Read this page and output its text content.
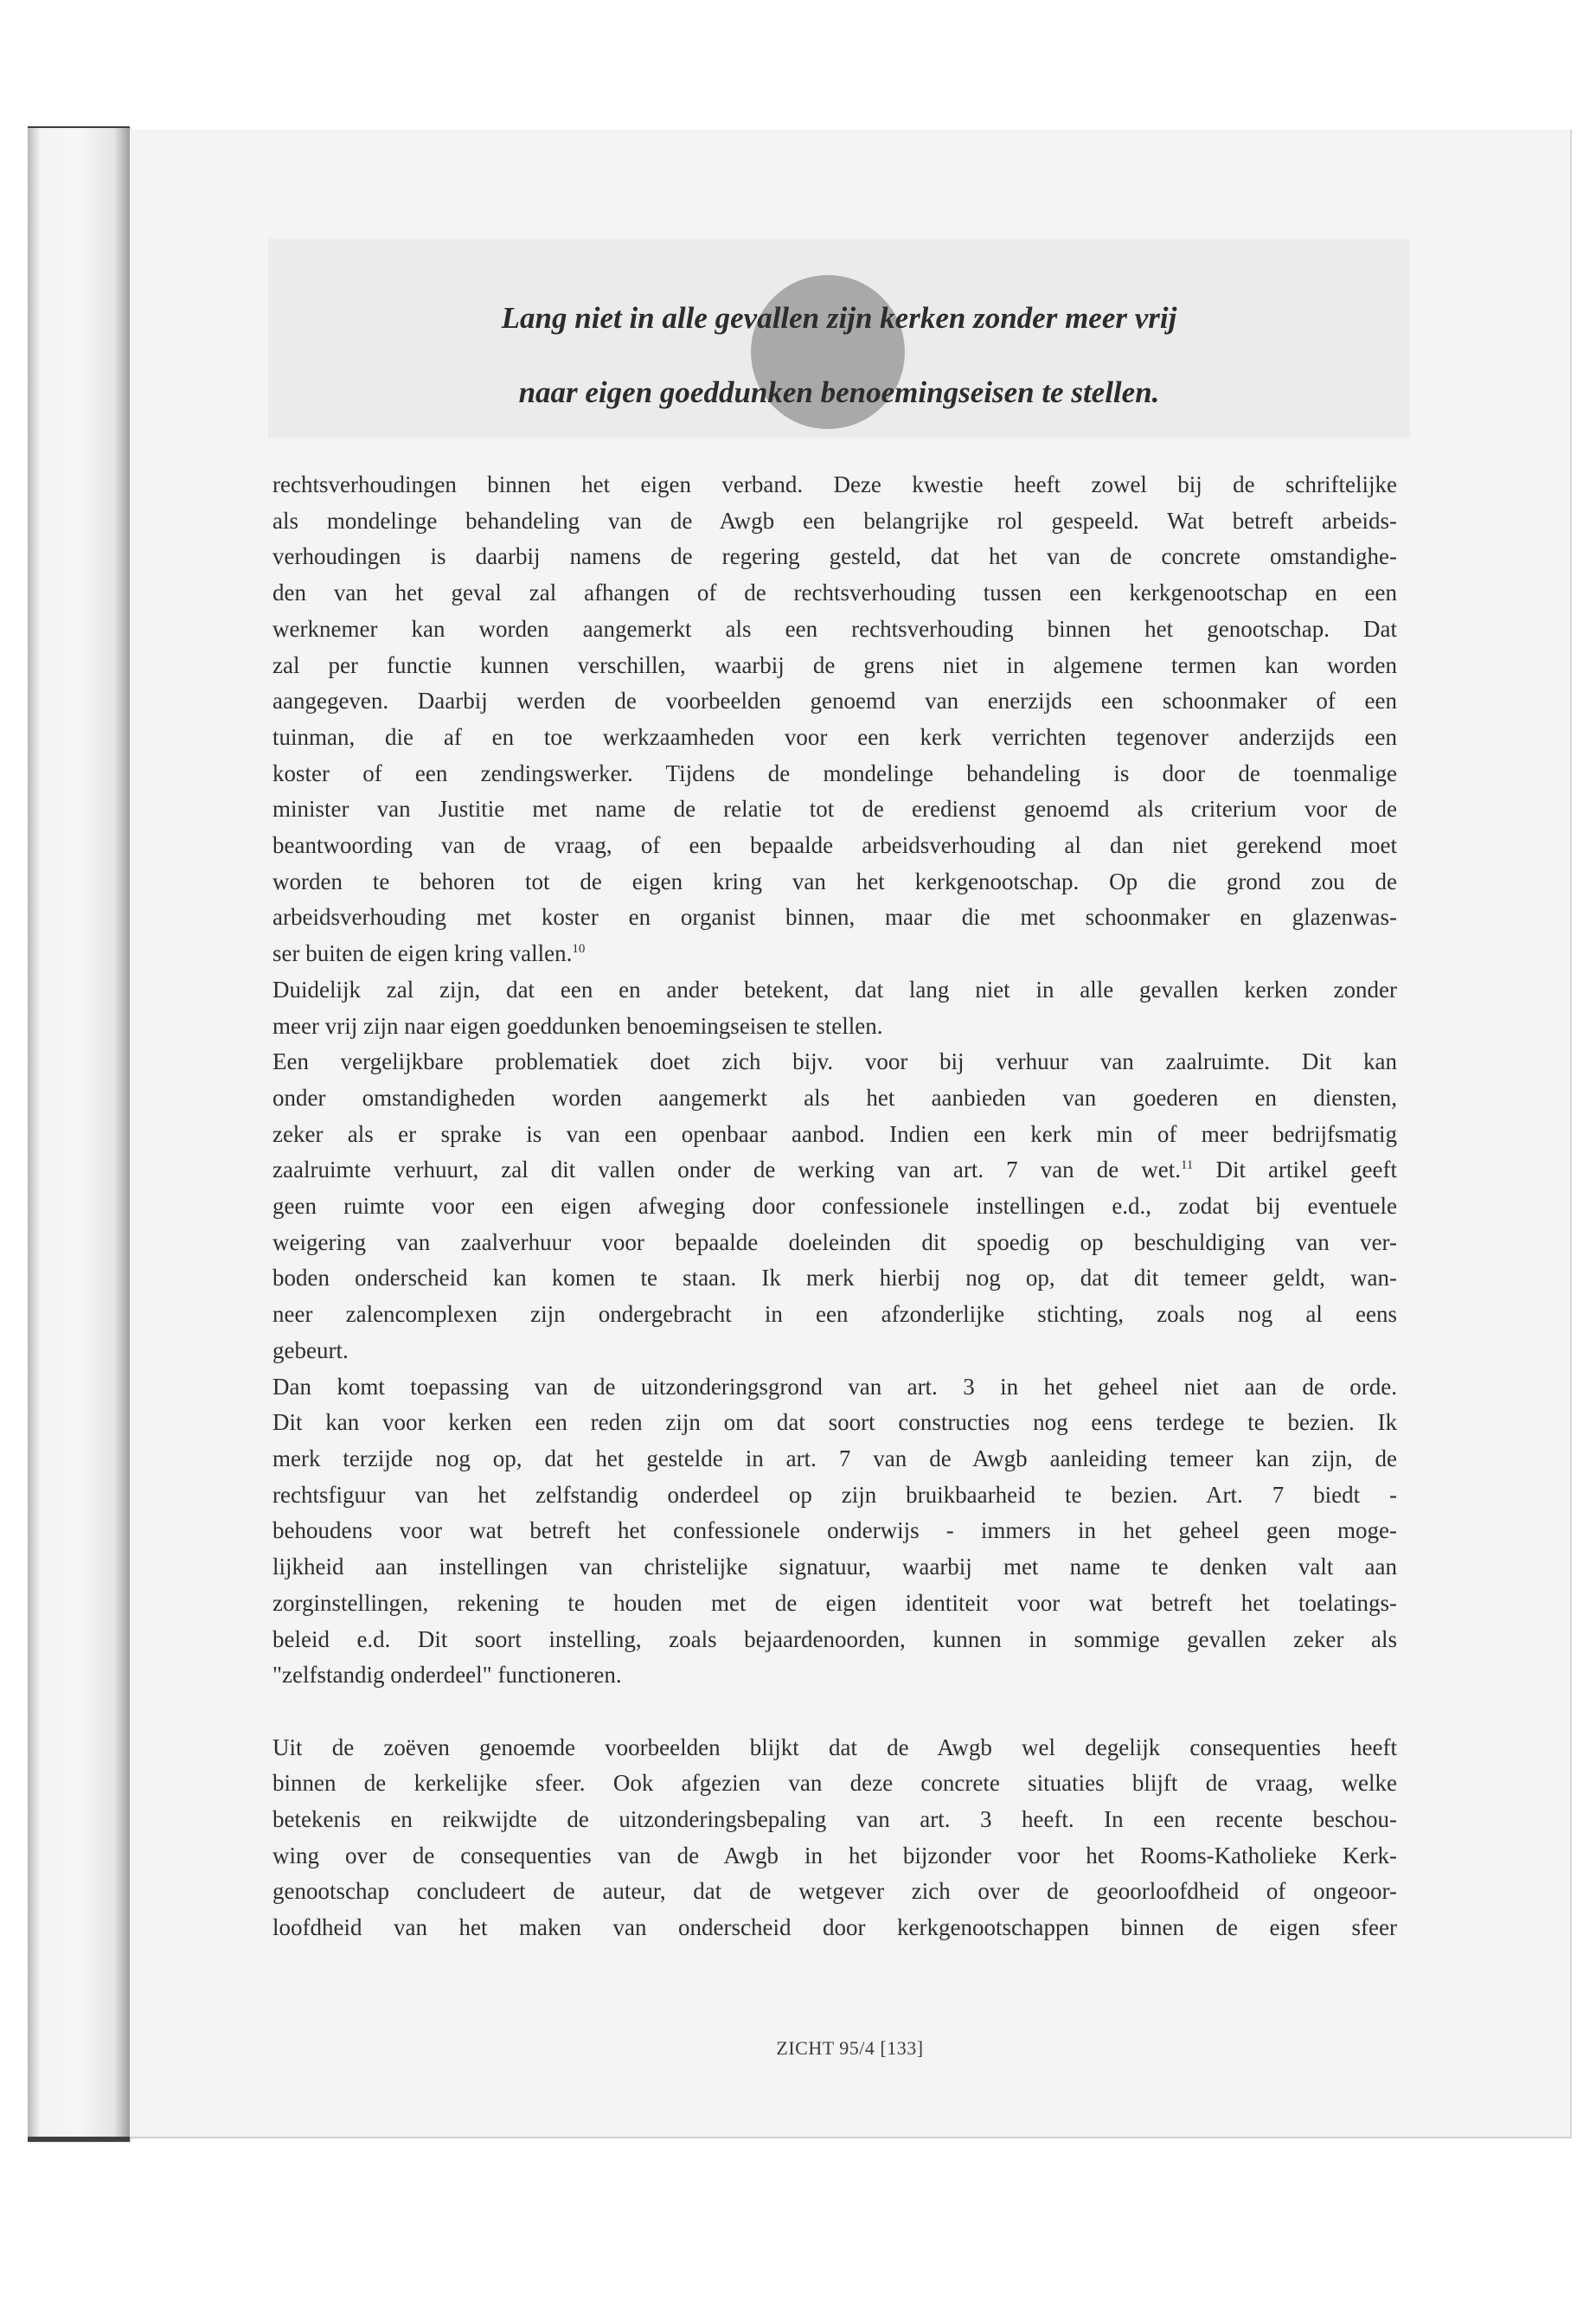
Lang niet in alle gevallen zijn kerken zonder meer vrij
naar eigen goeddunken benoemingseisen te stellen.

rechtsverhoudingen binnen het eigen verband. Deze kwestie heeft zowel bij de schriftelijke
als mondelinge behandeling van de Awgb een belangrijke rol gespeeld. Wat betreft arbeids-
verhoudingen is daarbij namens de regering gesteld, dat het van de concrete omstandighe-
den van het geval zal afhangen of de rechtsverhouding tussen een kerkgenootschap en een
werknemer kan worden aangemerkt als een rechtsverhouding binnen het genootschap. Dat
zal per functie kunnen verschillen, waarbij de grens niet in algemene termen kan worden
aangegeven. Daarbij werden de voorbeelden genoemd van enerzijds een schoonmaker of een
tuinman, die af en toe werkzaamheden voor een kerk verrichten tegenover anderzijds een
koster of een zendingswerker. Tijdens de mondelinge behandeling is door de toenmalige
minister van Justitie met name de relatie tot de eredienst genoemd als criterium voor de
beantwoording van de vraag, of een bepaalde arbeidsverhouding al dan niet gerekend moet
worden te behoren tot de eigen kring van het kerkgenootschap. Op die grond zou de
arbeidsverhouding met koster en organist binnen, maar die met schoonmaker en glazenwas-
ser buiten de eigen kring vallen.$^{10}$
Duidelijk zal zijn, dat een en ander betekent, dat lang niet in alle gevallen kerken zonder
meer vrij zijn naar eigen goeddunken benoemingseisen te stellen.
Een vergelijkbare problematiek doet zich bijv. voor bij verhuur van zaalruimte. Dit kan
onder omstandigheden worden aangemerkt als het aanbieden van goederen en diensten,
zeker als er sprake is van een openbaar aanbod. Indien een kerk min of meer bedrijfsmatig
zaalruimte verhuurt, zal dit vallen onder de werking van art. 7 van de wet.$^{11}$ Dit artikel geeft
geen ruimte voor een eigen afweging door confessionele instellingen e.d., zodat bij eventuele
weigering van zaalverhuur voor bepaalde doeleinden dit spoedig op beschuldiging van ver-
boden onderscheid kan komen te staan. Ik merk hierbij nog op, dat dit temeer geldt, wan-
neer zalencomplexen zijn ondergebracht in een afzonderlijke stichting, zoals nog al eens
gebeurt.
Dan komt toepassing van de uitzonderingsgrond van art. 3 in het geheel niet aan de orde.
Dit kan voor kerken een reden zijn om dat soort constructies nog eens terdege te bezien. Ik
merk terzijde nog op, dat het gestelde in art. 7 van de Awgb aanleiding temeer kan zijn, de
rechtsfiguur van het zelfstandig onderdeel op zijn bruikbaarheid te bezien. Art. 7 biedt -
behoudens voor wat betreft het confessionele onderwijs - immers in het geheel geen moge-
lijkheid aan instellingen van christelijke signatuur, waarbij met name te denken valt aan
zorginstellingen, rekening te houden met de eigen identiteit voor wat betreft het toelatings-
beleid e.d. Dit soort instelling, zoals bejaardenoorden, kunnen in sommige gevallen zeker als
"zelfstandig onderdeel" functioneren.
Uit de zoëven genoemde voorbeelden blijkt dat de Awgb wel degelijk consequenties heeft
binnen de kerkelijke sfeer. Ook afgezien van deze concrete situaties blijft de vraag, welke
betekenis en reikwijdte de uitzonderingsbepaling van art. 3 heeft. In een recente beschou-
wing over de consequenties van de Awgb in het bijzonder voor het Rooms-Katholieke Kerk-
genootschap concludeert de auteur, dat de wetgever zich over de geoorloofdheid of ongeoor-
loofdheid van het maken van onderscheid door kerkgenootschappen binnen de eigen sfeer
ZICHT 95/4 [133]
